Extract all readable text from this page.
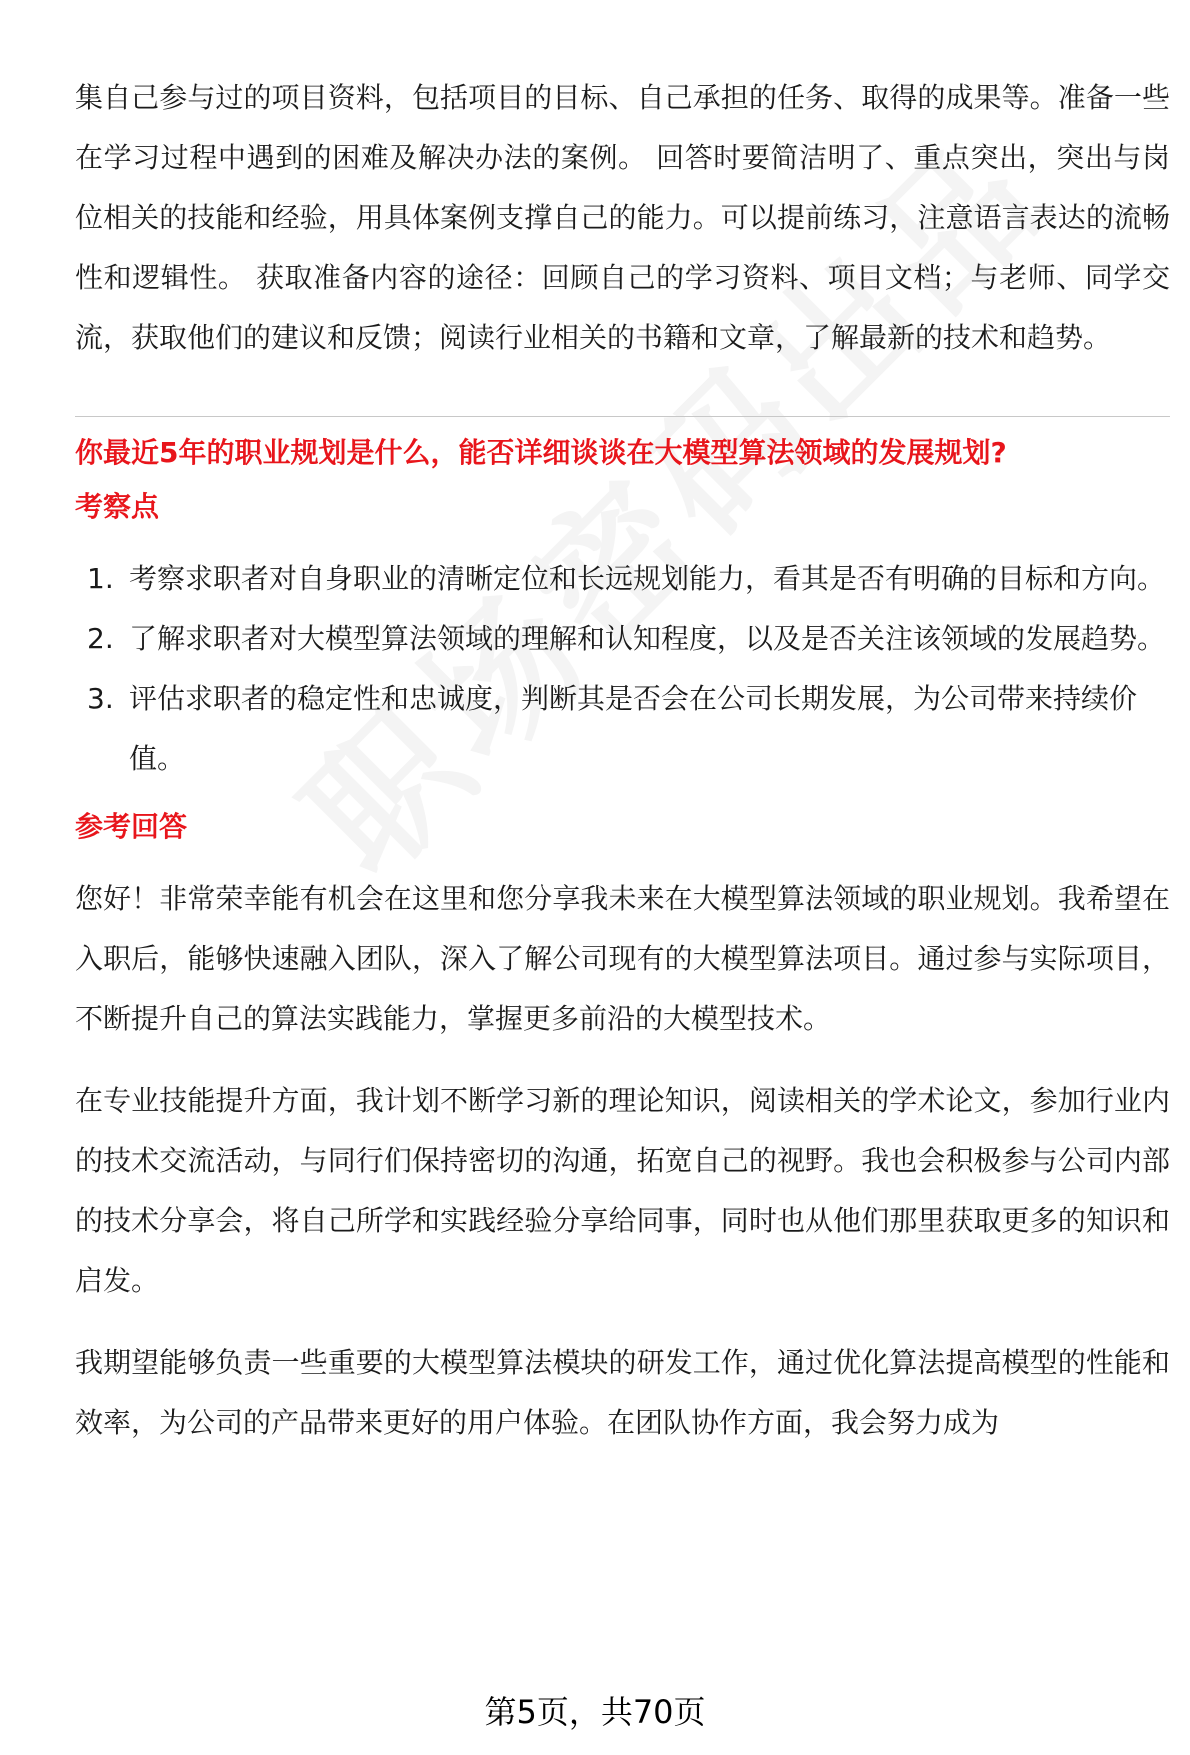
集自己参与过的项目资料，包括项目的目标、自己承担的任务、取得的成果等。准备一些在学习过程中遇到的困难及解决办法的案例。 回答时要简洁明了、重点突出，突出与岗位相关的技能和经验，用具体案例支撑自己的能力。可以提前练习，注意语言表达的流畅性和逻辑性。 获取准备内容的途径：回顾自己的学习资料、项目文档；与老师、同学交流，获取他们的建议和反馈；阅读行业相关的书籍和文章，了解最新的技术和趋势。

你最近5年的职业规划是什么，能否详细谈谈在大模型算法领域的发展规划?

考察点

1. 考察求职者对自身职业的清晰定位和长远规划能力，看其是否有明确的目标和方向。
2. 了解求职者对大模型算法领域的理解和认知程度，以及是否关注该领域的发展趋势。
3. 评估求职者的稳定性和忠诚度，判断其是否会在公司长期发展，为公司带来持续价值。

参考回答

您好！非常荣幸能有机会在这里和您分享我未来在大模型算法领域的职业规划。我希望在入职后，能够快速融入团队，深入了解公司现有的大模型算法项目。通过参与实际项目，不断提升自己的算法实践能力，掌握更多前沿的大模型技术。

在专业技能提升方面，我计划不断学习新的理论知识，阅读相关的学术论文，参加行业内的技术交流活动，与同行们保持密切的沟通，拓宽自己的视野。我也会积极参与公司内部的技术分享会，将自己所学和实践经验分享给同事，同时也从他们那里获取更多的知识和启发。

我期望能够负责一些重要的大模型算法模块的研发工作，通过优化算法提高模型的性能和效率，为公司的产品带来更好的用户体验。在团队协作方面，我会努力成为

第5页，共70页
